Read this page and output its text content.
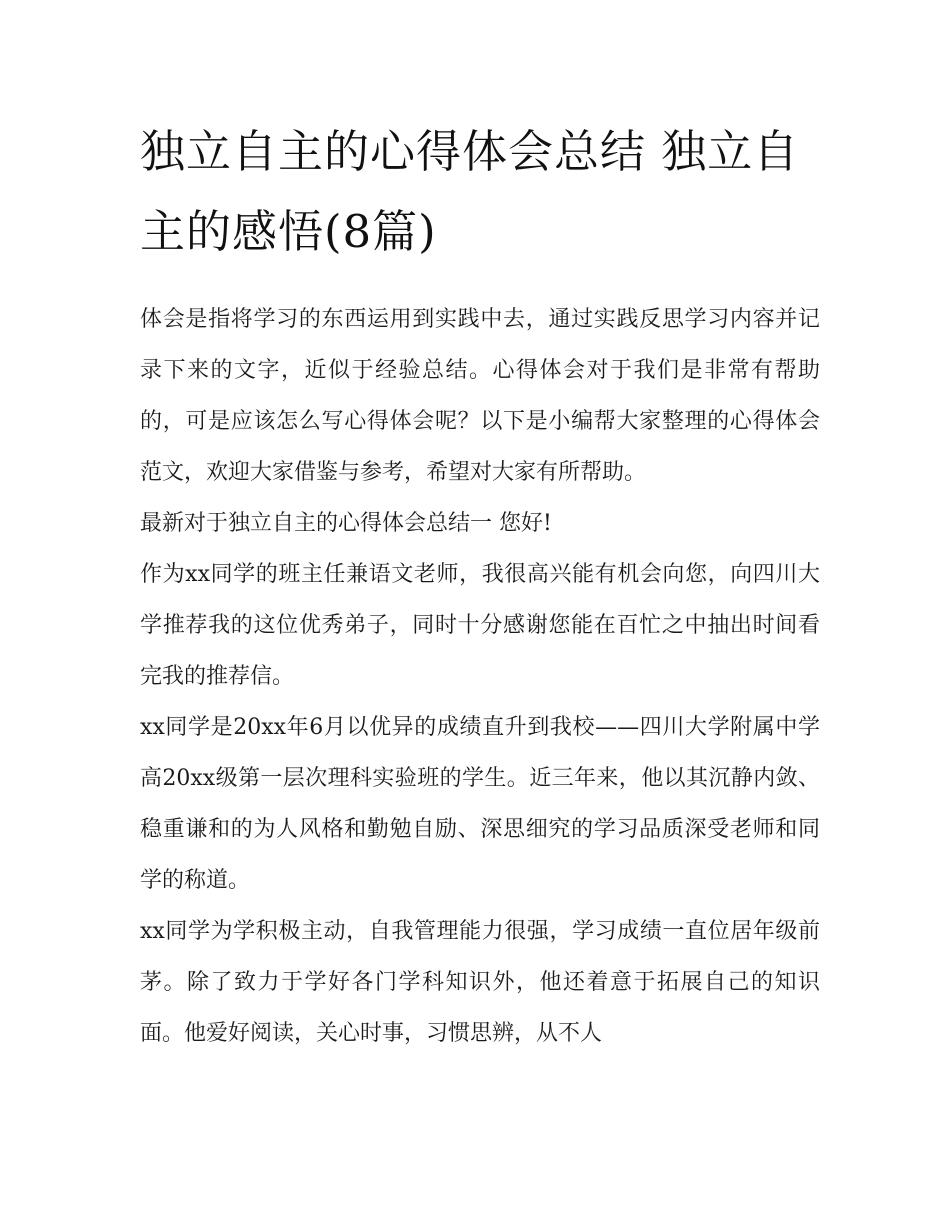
独立自主的心得体会总结 独立自主的感悟(8篇)

体会是指将学习的东西运用到实践中去，通过实践反思学习内容并记录下来的文字，近似于经验总结。心得体会对于我们是非常有帮助的，可是应该怎么写心得体会呢？以下是小编帮大家整理的心得体会范文，欢迎大家借鉴与参考，希望对大家有所帮助。

最新对于独立自主的心得体会总结一 您好!

作为xx同学的班主任兼语文老师，我很高兴能有机会向您，向四川大学推荐我的这位优秀弟子，同时十分感谢您能在百忙之中抽出时间看完我的推荐信。

xx同学是20xx年6月以优异的成绩直升到我校——四川大学附属中学高20xx级第一层次理科实验班的学生。近三年来，他以其沉静内敛、稳重谦和的为人风格和勤勉自励、深思细究的学习品质深受老师和同学的称道。

xx同学为学积极主动，自我管理能力很强，学习成绩一直位居年级前茅。除了致力于学好各门学科知识外，他还着意于拓展自己的知识面。他爱好阅读，关心时事，习惯思辨，从不人
